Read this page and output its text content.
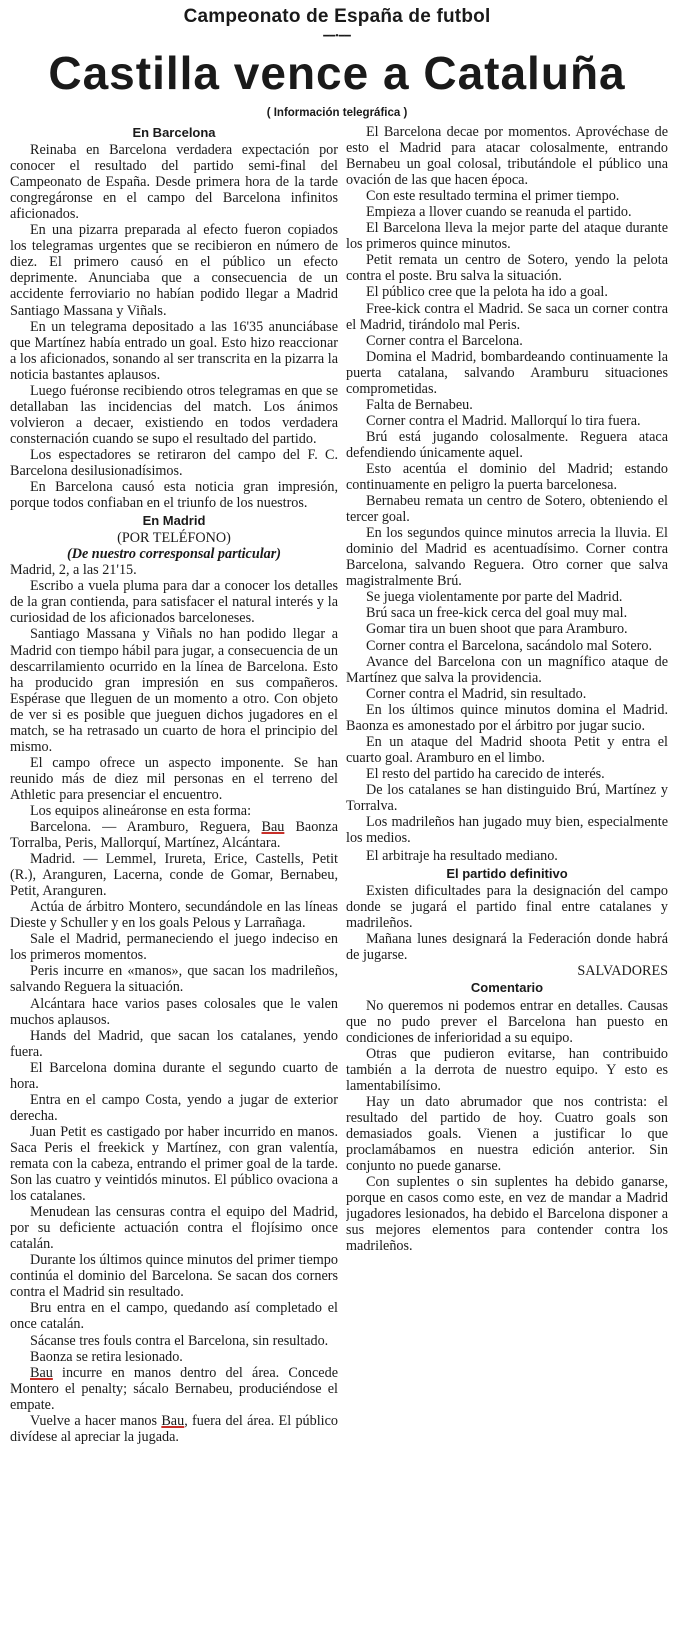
Campeonato de España de futbol
━━•━━
Castilla vence a Cataluña
( Información telegráfica )

En Barcelona

Reinaba en Barcelona verdadera expectación por conocer el resultado del partido semi-final del Campeonato de España. Desde primera hora de la tarde congregáronse en el campo del Barcelona infinitos aficionados.

En una pizarra preparada al efecto fueron copiados los telegramas urgentes que se recibieron en número de diez. El primero causó en el público un efecto deprimente. Anunciaba que a consecuencia de un accidente ferroviario no habían podido llegar a Madrid Santiago Massana y Viñals.

En un telegrama depositado a las 16'35 anunciábase que Martínez había entrado un goal. Esto hizo reaccionar a los aficionados, sonando al ser transcrita en la pizarra la noticia bastantes aplausos.

Luego fuéronse recibiendo otros telegramas en que se detallaban las incidencias del match. Los ánimos volvieron a decaer, existiendo en todos verdadera consternación cuando se supo el resultado del partido.

Los espectadores se retiraron del campo del F. C. Barcelona desilusionadísimos.

En Barcelona causó esta noticia gran impresión, porque todos confiaban en el triunfo de los nuestros.

En Madrid

(POR TELÉFONO)

(De nuestro corresponsal particular)

Madrid, 2, a las 21'15.

Escribo a vuela pluma para dar a conocer los detalles de la gran contienda, para satisfacer el natural interés y la curiosidad de los aficionados barceloneses.

Santiago Massana y Viñals no han podido llegar a Madrid con tiempo hábil para jugar, a consecuencia de un descarrilamiento ocurrido en la línea de Barcelona. Esto ha producido gran impresión en sus compañeros. Espérase que lleguen de un momento a otro. Con objeto de ver si es posible que jueguen dichos jugadores en el match, se ha retrasado un cuarto de hora el principio del mismo.

El campo ofrece un aspecto imponente. Se han reunido más de diez mil personas en el terreno del Athletic para presenciar el encuentro.

Los equipos alineáronse en esta forma:

Barcelona. — Aramburo, Reguera, Bau Baonza Torralba, Peris, Mallorquí, Martínez, Alcántara.

Madrid. — Lemmel, Irureta, Erice, Castells, Petit (R.), Aranguren, Lacerna, conde de Gomar, Bernabeu, Petit, Aranguren.

Actúa de árbitro Montero, secundándole en las líneas Dieste y Schuller y en los goals Pelous y Larrañaga.

Sale el Madrid, permaneciendo el juego indeciso en los primeros momentos.

Peris incurre en «manos», que sacan los madrileños, salvando Reguera la situación.

Alcántara hace varios pases colosales que le valen muchos aplausos.

Hands del Madrid, que sacan los catalanes, yendo fuera.

El Barcelona domina durante el segundo cuarto de hora.

Entra en el campo Costa, yendo a jugar de exterior derecha.

Juan Petit es castigado por haber incurrido en manos. Saca Peris el freekick y Martínez, con gran valentía, remata con la cabeza, entrando el primer goal de la tarde. Son las cuatro y veintidós minutos. El público ovaciona a los catalanes.

Menudean las censuras contra el equipo del Madrid, por su deficiente actuación contra el flojísimo once catalán.

Durante los últimos quince minutos del primer tiempo continúa el dominio del Barcelona. Se sacan dos corners contra el Madrid sin resultado.

Bru entra en el campo, quedando así completado el once catalán.

Sácanse tres fouls contra el Barcelona, sin resultado.

Baonza se retira lesionado.

Bau incurre en manos dentro del área. Concede Montero el penalty; sácalo Bernabeu, produciéndose el empate.

Vuelve a hacer manos Bau, fuera del área. El público divídese al apreciar la jugada.

El Barcelona decae por momentos. Aprovéchase de esto el Madrid para atacar colosalmente, entrando Bernabeu un goal colosal, tributándole el público una ovación de las que hacen época.

Con este resultado termina el primer tiempo.

Empieza a llover cuando se reanuda el partido.

El Barcelona lleva la mejor parte del ataque durante los primeros quince minutos.

Petit remata un centro de Sotero, yendo la pelota contra el poste. Bru salva la situación.

El público cree que la pelota ha ido a goal.

Free-kick contra el Madrid. Se saca un corner contra el Madrid, tirándolo mal Peris.

Corner contra el Barcelona.

Domina el Madrid, bombardeando continuamente la puerta catalana, salvando Aramburu situaciones comprometidas.

Falta de Bernabeu.

Corner contra el Madrid. Mallorquí lo tira fuera.

Brú está jugando colosalmente. Reguera ataca defendiendo únicamente aquel.

Esto acentúa el dominio del Madrid; estando continuamente en peligro la puerta barcelonesa.

Bernabeu remata un centro de Sotero, obteniendo el tercer goal.

En los segundos quince minutos arrecia la lluvia. El dominio del Madrid es acentuadísimo. Corner contra Barcelona, salvando Reguera. Otro corner que salva magistralmente Brú.

Se juega violentamente por parte del Madrid.

Brú saca un free-kick cerca del goal muy mal.

Gomar tira un buen shoot que para Aramburo.

Corner contra el Barcelona, sacándolo mal Sotero.

Avance del Barcelona con un magnífico ataque de Martínez que salva la providencia.

Corner contra el Madrid, sin resultado.

En los últimos quince minutos domina el Madrid. Baonza es amonestado por el árbitro por jugar sucio.

En un ataque del Madrid shoota Petit y entra el cuarto goal. Aramburo en el limbo.

El resto del partido ha carecido de interés.

De los catalanes se han distinguido Brú, Martínez y Torralva.

Los madrileños han jugado muy bien, especialmente los medios.

El arbitraje ha resultado mediano.

El partido definitivo

Existen dificultades para la designación del campo donde se jugará el partido final entre catalanes y madrileños.

Mañana lunes designará la Federación donde habrá de jugarse.

SALVADORES

Comentario

No queremos ni podemos entrar en detalles. Causas que no pudo prever el Barcelona han puesto en condiciones de inferioridad a su equipo.

Otras que pudieron evitarse, han contribuido también a la derrota de nuestro equipo. Y esto es lamentabilísimo.

Hay un dato abrumador que nos contrista: el resultado del partido de hoy. Cuatro goals son demasiados goals. Vienen a justificar lo que proclamábamos en nuestra edición anterior. Sin conjunto no puede ganarse.

Con suplentes o sin suplentes ha debido ganarse, porque en casos como este, en vez de mandar a Madrid jugadores lesionados, ha debido el Barcelona disponer a sus mejores elementos para contender contra los madrileños.
